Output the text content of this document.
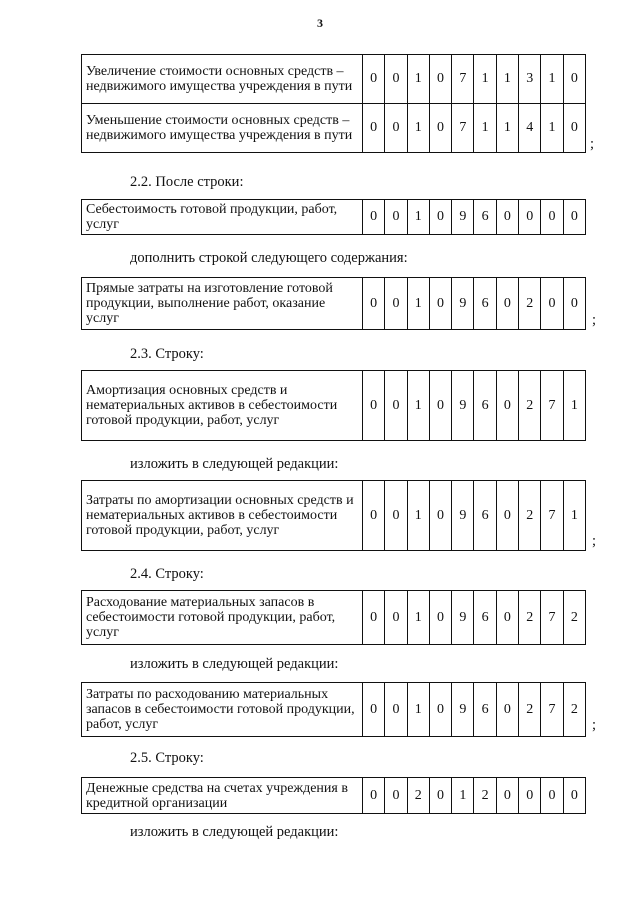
3
Увеличение стоимости основных средств – недвижимого имущества учреждения в пути	0	0	1	0	7	1	1	3	1	0
Уменьшение стоимости основных средств – недвижимого имущества учреждения в пути	0	0	1	0	7	1	1	4	1	0
;
2.2. После строки:
Себестоимость готовой продукции, работ, услуг	0	0	1	0	9	6	0	0	0	0
дополнить строкой следующего содержания:
Прямые затраты на изготовление готовой продукции, выполнение работ, оказание услуг	0	0	1	0	9	6	0	2	0	0
;
2.3. Строку:
Амортизация основных средств и нематериальных активов в себестоимости готовой продукции, работ, услуг	0	0	1	0	9	6	0	2	7	1
изложить в следующей редакции:
Затраты по амортизации основных средств и нематериальных активов в себестоимости готовой продукции, работ, услуг	0	0	1	0	9	6	0	2	7	1
;
2.4. Строку:
Расходование материальных запасов в себестоимости готовой продукции, работ, услуг	0	0	1	0	9	6	0	2	7	2
изложить в следующей редакции:
Затраты по расходованию материальных запасов в себестоимости готовой продукции, работ, услуг	0	0	1	0	9	6	0	2	7	2
;
2.5. Строку:
Денежные средства на счетах учреждения в кредитной организации	0	0	2	0	1	2	0	0	0	0
изложить в следующей редакции:
